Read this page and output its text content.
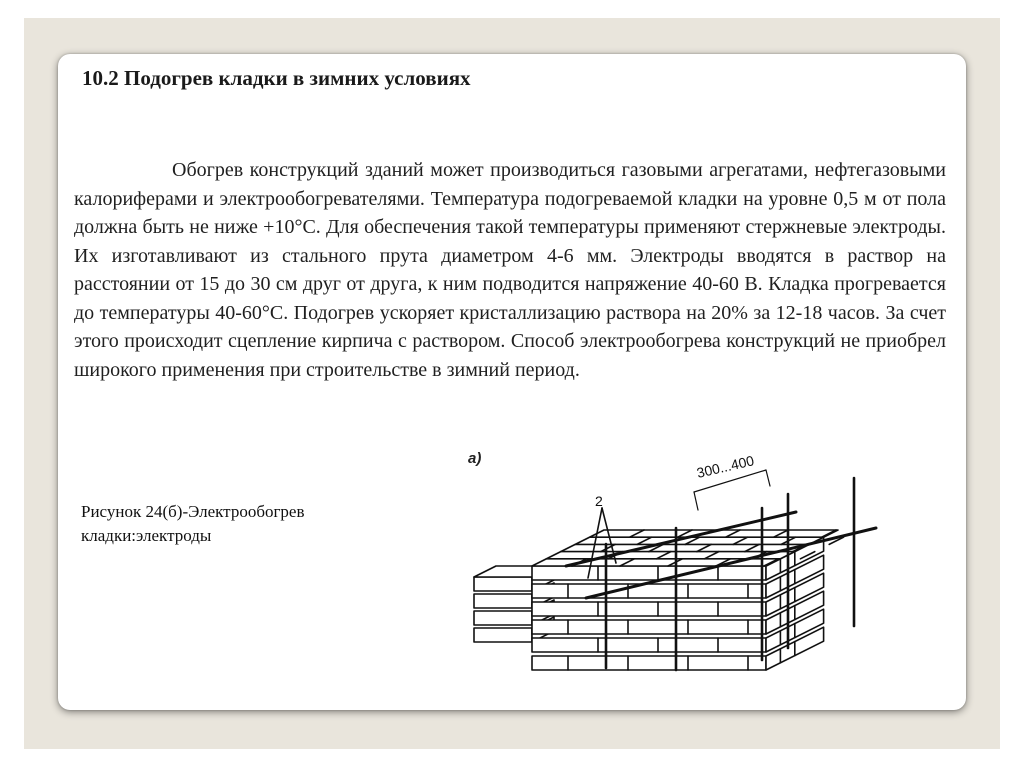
10.2 Подогрев кладки в зимних условиях

Обогрев конструкций зданий может производиться газовыми агрегатами, нефтегазовыми калориферами и электрообогревателями. Температура подогреваемой кладки на уровне 0,5 м от пола должна быть не ниже +10°С. Для обеспечения такой температуры применяют стержневые электроды. Их изготавливают из стального прута диаметром 4-6 мм. Электроды вводятся в раствор на расстоянии от 15 до 30 см друг от друга, к ним подводится напряжение 40-60 В. Кладка прогревается до температуры 40-60°С. Подогрев ускоряет кристаллизацию раствора на 20% за 12-18 часов. За счет этого происходит сцепление кирпича с раствором. Способ электрообогрева конструкций не приобрел широкого применения при строительстве в зимний период.

Рисунок 24(б)-Электрообогрев кладки:электроды

а)	300...400
2
